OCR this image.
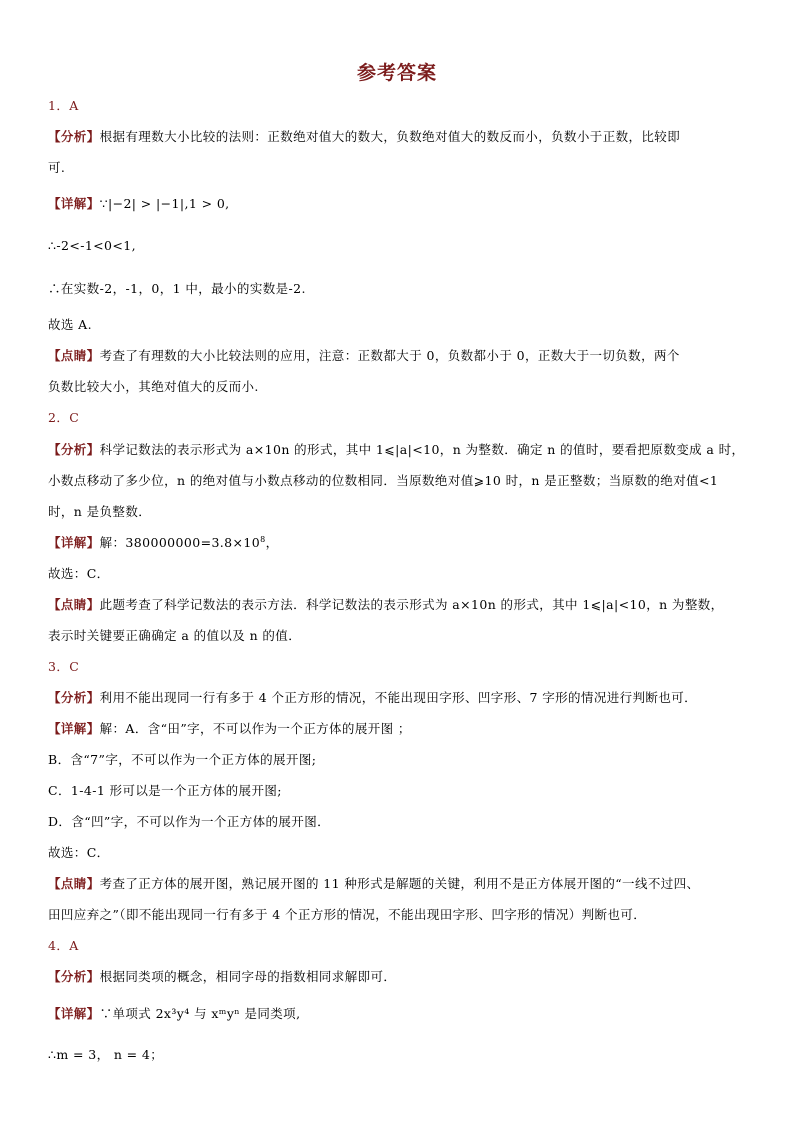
参考答案
1．A
【分析】根据有理数大小比较的法则：正数绝对值大的数大，负数绝对值大的数反而小，负数小于正数，比较即
可.
【详解】∵|−2| > |−1|,1 > 0,
∴-2<-1<0<1,
∴在实数-2，-1，0，1 中，最小的实数是-2.
故选 A.
【点睛】考查了有理数的大小比较法则的应用，注意：正数都大于 0，负数都小于 0，正数大于一切负数，两个
负数比较大小，其绝对值大的反而小.
2．C
【分析】科学记数法的表示形式为 a×10n 的形式，其中 1⩽|a|<10，n 为整数．确定 n 的值时，要看把原数变成 a 时，
小数点移动了多少位，n 的绝对值与小数点移动的位数相同．当原数绝对值⩾10 时，n 是正整数；当原数的绝对值<1
时，n 是负整数．
【详解】解：$380000000=3.8\times 10^8$，
故选：C．
【点睛】此题考查了科学记数法的表示方法．科学记数法的表示形式为 a×10n 的形式，其中 1⩽|a|<10，n 为整数，
表示时关键要正确确定 a 的值以及 n 的值．
3．C
【分析】利用不能出现同一行有多于 4 个正方形的情况，不能出现田字形、凹字形、7 字形的情况进行判断也可．
【详解】解：A．含“田”字，不可以作为一个正方体的展开图 ；
B．含“7”字，不可以作为一个正方体的展开图;
C．1-4-1 形可以是一个正方体的展开图;
D．含“凹”字，不可以作为一个正方体的展开图．
故选：C．
【点睛】考查了正方体的展开图，熟记展开图的 11 种形式是解题的关键，利用不是正方体展开图的“一线不过四、
田凹应弃之”（即不能出现同一行有多于 4 个正方形的情况，不能出现田字形、凹字形的情况）判断也可．
4．A
【分析】根据同类项的概念，相同字母的指数相同求解即可．
【详解】∵单项式 2x³y⁴ 与 xᵐyⁿ 是同类项,
∴m = 3， n = 4；
